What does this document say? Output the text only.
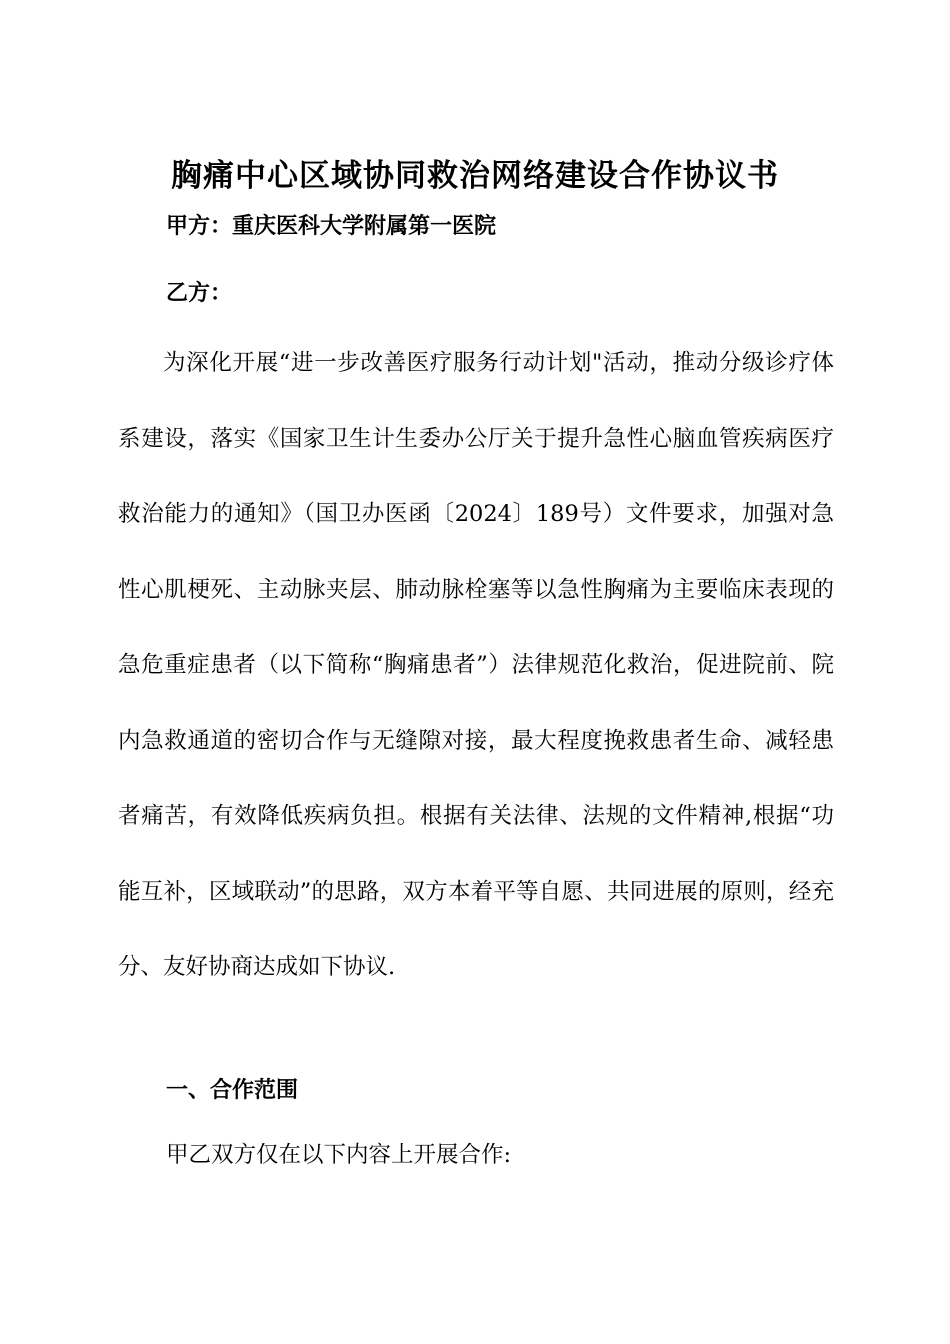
胸痛中心区域协同救治网络建设合作协议书
甲方：重庆医科大学附属第一医院
乙方：

为深化开展“进一步改善医疗服务行动计划"活动，推动分级诊疗体系建设，落实《国家卫生计生委办公厅关于提升急性心脑血管疾病医疗救治能力的通知》（国卫办医函〔2024〕189号）文件要求，加强对急性心肌梗死、主动脉夹层、肺动脉栓塞等以急性胸痛为主要临床表现的急危重症患者（以下简称“胸痛患者”）法律规范化救治，促进院前、院内急救通道的密切合作与无缝隙对接，最大程度挽救患者生命、减轻患者痛苦，有效降低疾病负担。根据有关法律、法规的文件精神,根据“功能互补，区域联动”的思路，双方本着平等自愿、共同进展的原则，经充分、友好协商达成如下协议.

一、合作范围
甲乙双方仅在以下内容上开展合作:
